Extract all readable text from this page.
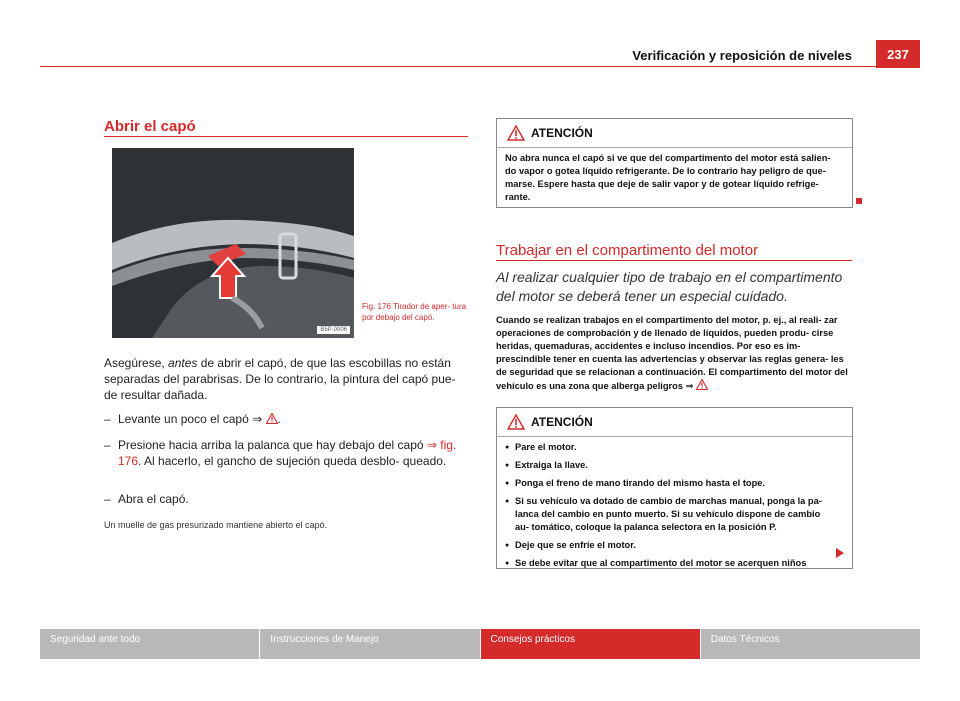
Verificación y reposición de niveles	237
Abrir el capó
B5P-0006
Fig. 176 Tirador de aper- tura por debajo del capó.
Asegúrese, antes de abrir el capó, de que las escobillas no están separadas del parabrisas. De lo contrario, la pintura del capó pue- de resultar dañada.
– Levante un poco el capó ⇒ .
– Presione hacia arriba la palanca que hay debajo del capó ⇒ fig. 176. Al hacerlo, el gancho de sujeción queda desblo- queado.
– Abra el capó.
Un muelle de gas presurizado mantiene abierto el capó.
ATENCIÓN
No abra nunca el capó si ve que del compartimento del motor está salien- do vapor o gotea líquido refrigerante. De lo contrario hay peligro de que- marse. Espere hasta que deje de salir vapor y de gotear líquido refrige- rante.
Trabajar en el compartimento del motor
Al realizar cualquier tipo de trabajo en el compartimento del motor se deberá tener un especial cuidado.
Cuando se realizan trabajos en el compartimento del motor, p. ej., al reali- zar operaciones de comprobación y de llenado de líquidos, pueden produ- cirse heridas, quemaduras, accidentes e incluso incendios. Por eso es im- prescindible tener en cuenta las advertencias y observar las reglas genera- les de seguridad que se relacionan a continuación. El compartimento del motor del vehículo es una zona que alberga peligros ⇒
ATENCIÓN
● Pare el motor.
● Extraiga la llave.
● Ponga el freno de mano tirando del mismo hasta el tope.
● Si su vehículo va dotado de cambio de marchas manual, ponga la pa- lanca del cambio en punto muerto. Si su vehículo dispone de cambio au- tomático, coloque la palanca selectora en la posición P.
● Deje que se enfríe el motor.
● Se debe evitar que al compartimento del motor se acerquen niños
Seguridad ante todo	Instrucciones de Manejo	Consejos prácticos	Datos Técnicos
